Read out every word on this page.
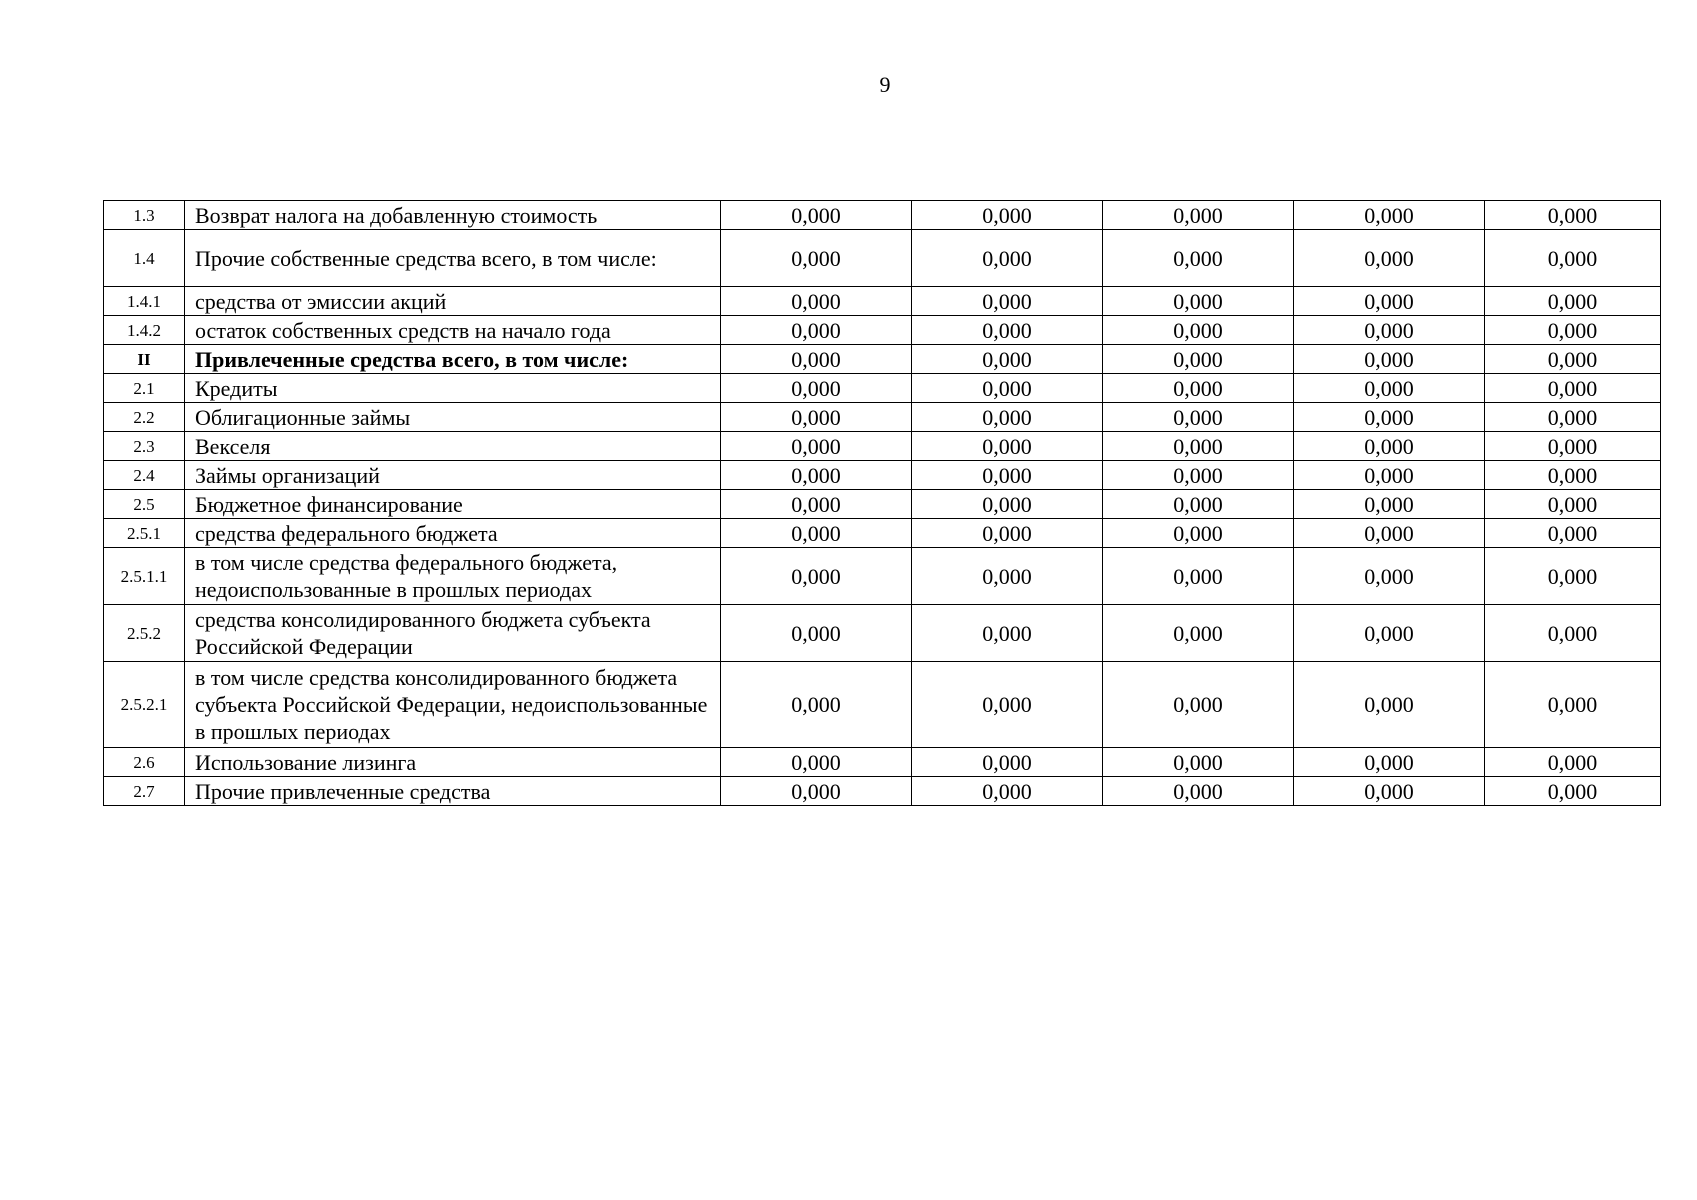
9
1.3	Возврат налога на добавленную стоимость	0,000	0,000	0,000	0,000	0,000
1.4	Прочие собственные средства всего, в том числе:	0,000	0,000	0,000	0,000	0,000
1.4.1	средства от эмиссии акций	0,000	0,000	0,000	0,000	0,000
1.4.2	остаток собственных средств на начало года	0,000	0,000	0,000	0,000	0,000
II	Привлеченные средства всего, в том числе:	0,000	0,000	0,000	0,000	0,000
2.1	Кредиты	0,000	0,000	0,000	0,000	0,000
2.2	Облигационные займы	0,000	0,000	0,000	0,000	0,000
2.3	Векселя	0,000	0,000	0,000	0,000	0,000
2.4	Займы организаций	0,000	0,000	0,000	0,000	0,000
2.5	Бюджетное финансирование	0,000	0,000	0,000	0,000	0,000
2.5.1	средства федерального бюджета	0,000	0,000	0,000	0,000	0,000
2.5.1.1	в том числе средства федерального бюджета, недоиспользованные в прошлых периодах	0,000	0,000	0,000	0,000	0,000
2.5.2	средства консолидированного бюджета субъекта Российской Федерации	0,000	0,000	0,000	0,000	0,000
2.5.2.1	в том числе средства консолидированного бюджета субъекта Российской Федерации, недоиспользованные в прошлых периодах	0,000	0,000	0,000	0,000	0,000
2.6	Использование лизинга	0,000	0,000	0,000	0,000	0,000
2.7	Прочие привлеченные средства	0,000	0,000	0,000	0,000	0,000
